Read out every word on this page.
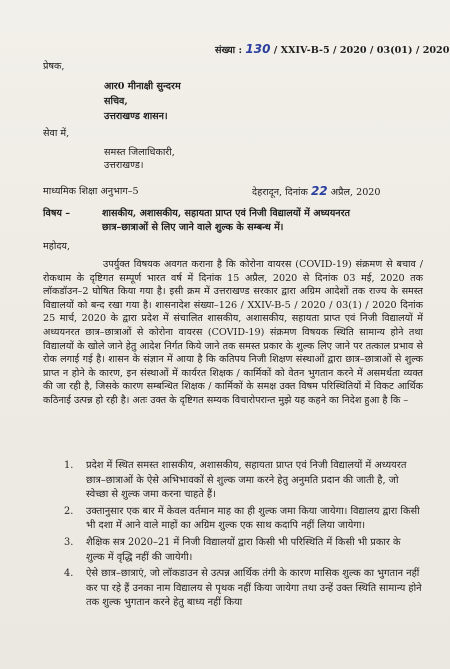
संख्या : 130 / XXIV-B-5 / 2020 / 03(01) / 2020
प्रेषक,
आर0 मीनाक्षी सुन्दरम
सचिव,
उत्तराखण्ड शासन।
सेवा में,
समस्त जिलाधिकारी,
उत्तराखण्ड।
माध्यमिक शिक्षा अनुभाग–5	देहरादून, दिनांक 22 अप्रैल, 2020
विषय –	शासकीय, अशासकीय, सहायता प्राप्त एवं निजी विद्यालयों में अध्ययनरत
छात्र–छात्राओं से लिए जाने वाले शुल्क के सम्बन्ध में।
महोदय,
उपर्युक्त विषयक अवगत कराना है कि कोरोना वायरस (COVID-19) संक्रमण से बचाव / रोकथाम के दृष्टिगत सम्पूर्ण भारत वर्ष में दिनांक 15 अप्रैल, 2020 से दिनांक 03 मई, 2020 तक लॉकडॉउन–2 घोषित किया गया है। इसी क्रम में उत्तराखण्ड सरकार द्वारा अग्रिम आदेशों तक राज्य के समस्त विद्यालयों को बन्द रखा गया है। शासनादेश संख्या–126 / XXIV-B-5 / 2020 / 03(1) / 2020 दिनांक 25 मार्च, 2020 के द्वारा प्रदेश में संचालित शासकीय, अशासकीय, सहायता प्राप्त एवं निजी विद्यालयों में अध्ययनरत छात्र–छात्राओं से कोरोना वायरस (COVID-19) संक्रमण विषयक स्थिति सामान्य होने तथा विद्यालयों के खोले जाने हेतु आदेश निर्गत किये जाने तक समस्त प्रकार के शुल्क लिए जाने पर तत्काल प्रभाव से रोक लगाई गई है। शासन के संज्ञान में आया है कि कतिपय निजी शिक्षण संस्थाओं द्वारा छात्र–छात्राओं से शुल्क प्राप्त न होने के कारण, इन संस्थाओं में कार्यरत शिक्षक / कार्मिकों को वेतन भुगतान करने में असमर्थता व्यक्त की जा रही है, जिसके कारण सम्बन्धित शिक्षक / कार्मिकों के समक्ष उक्त विषम परिस्थितियों में विकट आर्थिक कठिनाई उत्पन्न हो रही है। अतः उक्त के दृष्टिगत सम्यक विचारोपरान्त मुझे यह कहने का निदेश हुआ है कि –
1. प्रदेश में स्थित समस्त शासकीय, अशासकीय, सहायता प्राप्त एवं निजी विद्यालयों में अध्ययरत छात्र–छात्राओं के ऐसे अभिभावकों से शुल्क जमा करने हेतु अनुमति प्रदान की जाती है, जो स्वेच्छा से शुल्क जमा करना चाहते हैं।
2. उक्तानुसार एक बार में केवल वर्तमान माह का ही शुल्क जमा किया जायेगा। विद्यालय द्वारा किसी भी दशा में आने वाले माहों का अग्रिम शुल्क एक साथ कदापि नहीं लिया जायेगा।
3. शैक्षिक सत्र 2020–21 में निजी विद्यालयों द्वारा किसी भी परिस्थिति में किसी भी प्रकार के शुल्क में वृद्धि नहीं की जायेगी।
4. ऐसे छात्र–छात्राएं, जो लॉकडाउन से उत्पन्न आर्थिक तंगी के कारण मासिक शुल्क का भुगतान नहीं कर पा रहे हैं उनका नाम विद्यालय से पृथक नहीं किया जायेगा तथा उन्हें उक्त स्थिति सामान्य होने तक शुल्क भुगतान करने हेतु बाध्य नहीं किया
